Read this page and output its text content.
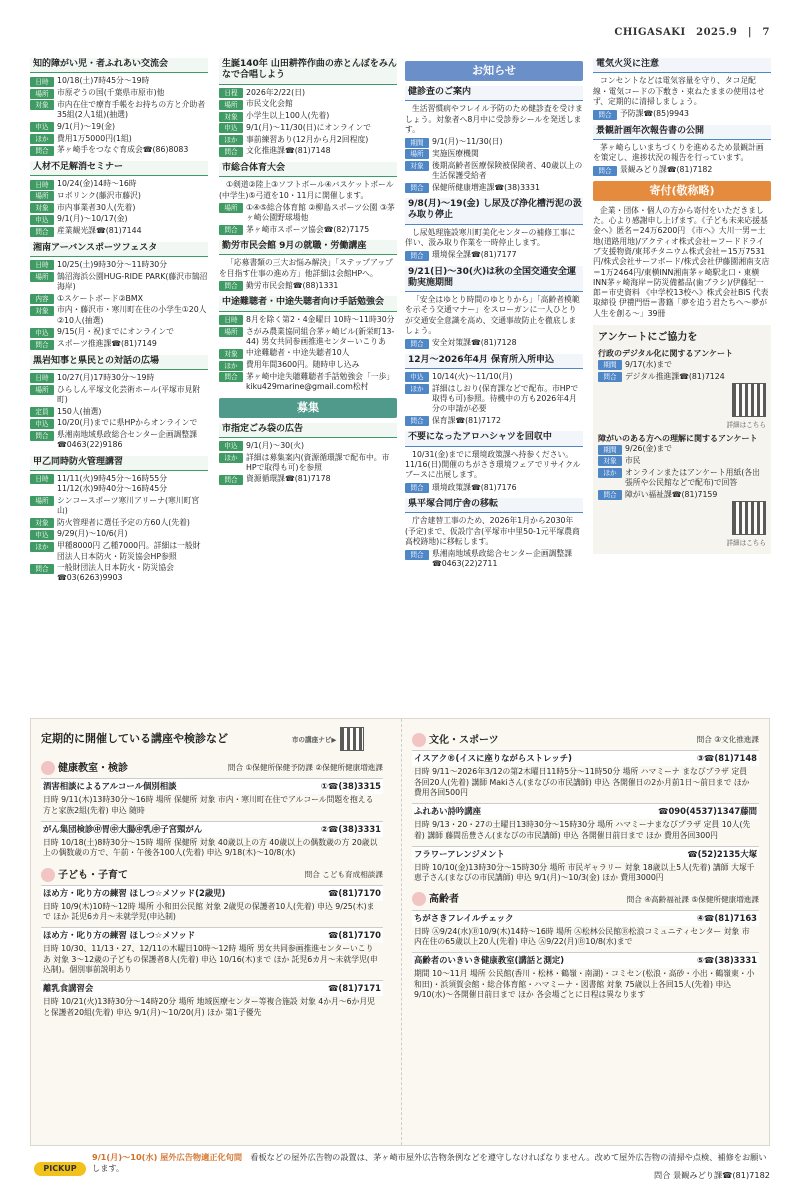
CHIGASAKI　2025.9　|　7
知的障がい児・者ふれあい交流会
日時	10/18(土)7時45分～19時
場所	市原ぞうの国(千葉県市原市)他
対象	市内在住で療育手帳をお持ちの方と介助者35組(2人1組)(抽選)
申込	9/1(月)～19(金)
ほか	費用1万5000円(1組)
問合	茅ヶ崎手をつなぐ育成会☎(86)8083
人材不足解消セミナー
日時	10/24(金)14時～16時
場所	ロボリンク(藤沢市藤沢)
対象	市内事業者30人(先着)
申込	9/1(月)～10/17(金)
問合	産業観光課☎(81)7144
湘南アーバンスポーツフェスタ
日時	10/25(土)9時30分～11時30分
場所	鵠沼海浜公園HUG-RIDE PARK(藤沢市鵠沼海岸)
内容	①スケートボード②BMX
対象	市内・藤沢市・寒川町在住の小学生①20人②10人(抽選)
申込	9/15(月・祝)までにオンラインで
問合	スポーツ推進課☎(81)7149
黒岩知事と県民との対話の広場
日時	10/27(月)17時30分～19時
場所	ひらしん平塚文化芸術ホール(平塚市見附町)
定員	150人(抽選)
申込	10/20(月)までに県HPからオンラインで
問合	県湘南地域県政総合センター企画調整課☎0463(22)9186
甲乙同時防火管理講習
日時	11/11(火)9時45分～16時55分 11/12(水)9時40分～16時45分
場所	シンコースポーツ寒川アリーナ(寒川町宮山)
対象	防火管理者に選任予定の方60人(先着)
申込	9/29(月)～10/6(月)
ほか	甲種8000円 乙種7000円。詳細は一般財団法人日本防火・防災協会HP参照
問合	一般財団法人日本防火・防災協会☎03(6263)9903
生誕140年 山田耕筰作曲の赤とんぼをみんなで合唱しよう
日程	2026年2/22(日)
場所	市民文化会館
対象	小学生以上100人(先着)
申込	9/1(月)～11/30(日)にオンラインで
ほか	事前練習あり(12月から月2回程度)
問合	文化推進課☎(81)7148
市総合体育大会
①剣道②陸上③ソフトボール④バスケットボール(中学生)⑤弓道を10・11月に開催します。
場所	①④⑤総合体育館 ②柳島スポーツ公園 ③茅ヶ崎公園野球場他
問合	茅ヶ崎市スポーツ協会☎(82)7175
勤労市民会館 9月の就職・労働講座
「応募書類の三大お悩み解決」「ステップアップを目指す仕事の進め方」他詳細は会館HPへ。
問合	勤労市民会館☎(88)1331
中途難聴者・中途失聴者向け手話勉強会
日時	8月を除く第2・4金曜日 10時～11時30分
場所	さがみ農業協同組合茅ヶ崎ビル(新栄町13-44) 男女共同参画推進センターいこりあ
対象	中途難聴者・中途失聴者10人
ほか	費用年間3600円。随時申し込み
問合	茅ヶ崎中途失聴難聴者手話勉強会「一歩」kiku429marine@gmail.com松村
募集
市指定ごみ袋の広告
申込	9/1(月)～30(火)
ほか	詳細は募集案内(資源循環課で配布中。市HPで取得も可)を参照
問合	資源循環課☎(81)7178
お知らせ
健診査のご案内
生活習慣病やフレイル予防のため健診査を受けましょう。対象者へ8月中に受診券シールを発送します。
期間	9/1(月)～11/30(日)
場所	実施医療機関
対象	後期高齢者医療保険被保険者、40歳以上の生活保護受給者
問合	保健所健康増進課☎(38)3331
9/8(月)～19(金) し尿及び浄化槽汚泥の汲み取り停止
し尿処理施設寒川町美化センターの補修工事に伴い、汲み取り作業を一時停止します。
問合	環境保全課☎(81)7177
9/21(日)～30(火)は秋の全国交通安全運動実施期間
「安全はゆとり時間のゆとりから」「高齢者模範を示そう交通マナー」をスローガンに一人ひとりが交通安全意識を高め、交通事故防止を徹底しましょう。
問合	安全対策課☎(81)7128
12月～2026年4月 保育所入所申込
申込	10/14(火)～11/10(月)
ほか	詳細はしおり(保育課などで配布。市HPで取得も可)参照。待機中の方も2026年4月分の申請が必要
問合	保育課☎(81)7172
不要になったアロハシャツを回収中
10/31(金)までに環境政策課へ持参ください。11/16(日)開催のちがさき環境フェアでリサイクルブースに出展します。
問合	環境政策課☎(81)7176
県平塚合同庁舎の移転
庁舎建替工事のため、2026年1月から2030年(予定)まで、仮設庁舎(平塚市中里50-1元平塚農商高校跡地)に移転します。
問合	県湘南地域県政総合センター企画調整課☎0463(22)2711
電気火災に注意
コンセントなどは電気容量を守り、タコ足配線・電気コードの下敷き・束ねたままの使用はせず、定期的に清掃しましょう。
問合	予防課☎(85)9943
景観計画年次報告書の公開
茅ヶ崎らしいまちづくりを進めるため景観計画を策定し、進捗状況の報告を行っています。
問合	景観みどり課☎(81)7182
寄付(敬称略)
企業・団体・個人の方から寄付をいただきました。心より感謝申し上げます。《子ども未来応援基金へ》匿名＝24万6200円 《市へ》大川一男＝土地(道路用地)/アクティオ株式会社＝フードドライブ支援物資/東邦チタニウム株式会社＝15万7531円/株式会社サーフボード/株式会社伊藤園湘南支店＝1万2464円/東横INN湘南茅ヶ崎駅北口・東横INN茅ヶ崎海岸＝防災備蓄品(歯ブラシ)/伊藤紀一郎＝市史資料 《中学校13校へ》株式会社BiS 代表取締役 伊禮門悟＝書籍「夢を追う君たちへ～夢が人生を創る～」39冊
アンケートにご協力を
行政のデジタル化に関するアンケート
期間	9/17(水)まで
問合	デジタル推進課☎(81)7124
詳細はこちら
障がいのある方への理解に関するアンケート
期間	9/26(金)まで
対象	市民
ほか	オンラインまたはアンケート用紙(各出張所や公民館などで配布)で回答
問合	障がい福祉課☎(81)7159
詳細はこちら
定期的に開催している講座や検診など	市の講座ナビ▶
健康教室・検診	問合 ①保健所保健予防課 ②保健所健康増進課
酒害相談によるアルコール個別相談	①☎(38)3315
日時 9/11(木)13時30分～16時 場所 保健所 対象 市内・寒川町在住でアルコール問題を抱える方と家族2組(先着) 申込 随時
がん集団検診㊥胃㊥大腸㊥乳㊥子宮頸がん	②☎(38)3331
日時 10/18(土)8時30分～15時 場所 保健所 対象 40歳以上の方 40歳以上の偶数歳の方 20歳以上の偶数歳の方で、午前・午後各100人(先着) 申込 9/18(木)～10/8(水)
子ども・子育て	問合 こども育成相談課
ほめ方・叱り方の練習 ほしつ☆メソッド(2歳児)	☎(81)7170
日時 10/9(木)10時～12時 場所 小和田公民館 対象 2歳児の保護者10人(先着) 申込 9/25(木)まで ほか 託児6カ月～未就学児(申込制)
ほめ方・叱り方の練習 ほしつ☆メソッド	☎(81)7170
日時 10/30、11/13・27、12/11の木曜日10時～12時 場所 男女共同参画推進センターいこりあ 対象 3～12歳の子どもの保護者8人(先着) 申込 10/16(木)まで ほか 託児6カ月～未就学児(申込制)。個別事前説明あり
離乳食講習会	☎(81)7171
日時 10/21(火)13時30分～14時20分 場所 地域医療センター等複合施設 対象 4か月～6か月児と保護者20組(先着) 申込 9/1(月)～10/20(月) ほか 第1子優先
文化・スポーツ	問合 ③文化推進課
イスアク®(イスに座りながらストレッチ)	③☎(81)7148
日時 9/11～2026年3/12の第2木曜日11時5分～11時50分 場所 ハマミーナ まなびプラザ 定員 各回20人(先着) 講師 Makiさん(まなびの市民講師) 申込 各開催日の2か月前1日～前日まで ほか 費用各回500円
ふれあい詩吟講座	☎090(4537)1347藤間
日時 9/13・20・27の土曜日13時30分～15時30分 場所 ハマミーナまなびプラザ 定員 10人(先着) 講師 藤間岳豊さん(まなびの市民講師) 申込 各開催日前日まで ほか 費用各回300円
フラワーアレンジメント	☎(52)2135大塚
日時 10/10(金)13時30分～15時30分 場所 市民ギャラリー 対象 18歳以上5人(先着) 講師 大塚千恵子さん(まなびの市民講師) 申込 9/1(月)～10/3(金) ほか 費用3000円
高齢者	問合 ④高齢福祉課 ⑤保健所健康増進課
ちがさきフレイルチェック	④☎(81)7163
日時 Ⓐ9/24(水)Ⓑ10/9(木)14時～16時 場所 Ⓐ松林公民館Ⓑ松浪コミュニティセンター 対象 市内在住の65歳以上20人(先着) 申込 Ⓐ9/22(月)Ⓑ10/8(水)まで
高齢者のいきいき健康教室(講話と測定)	⑤☎(38)3331
期間 10～11月 場所 公民館(香川・松林・鶴嶺・南湖)・コミセン(松浪・高砂・小出・鶴嶺東・小和田)・浜須賀会館・総合体育館・ハマミーナ・図書館 対象 75歳以上各回15人(先着) 申込 9/10(水)～各開催日前日まで ほか 各会場ごとに日程は異なります
PICKUP
9/1(月)～10(水) 屋外広告物適正化旬間　 看板などの屋外広告物の設置は、茅ヶ崎市屋外広告物条例などを遵守しなければなりません。改めて屋外広告物の清掃や点検、補修をお願いします。
問合 景観みどり課☎(81)7182
